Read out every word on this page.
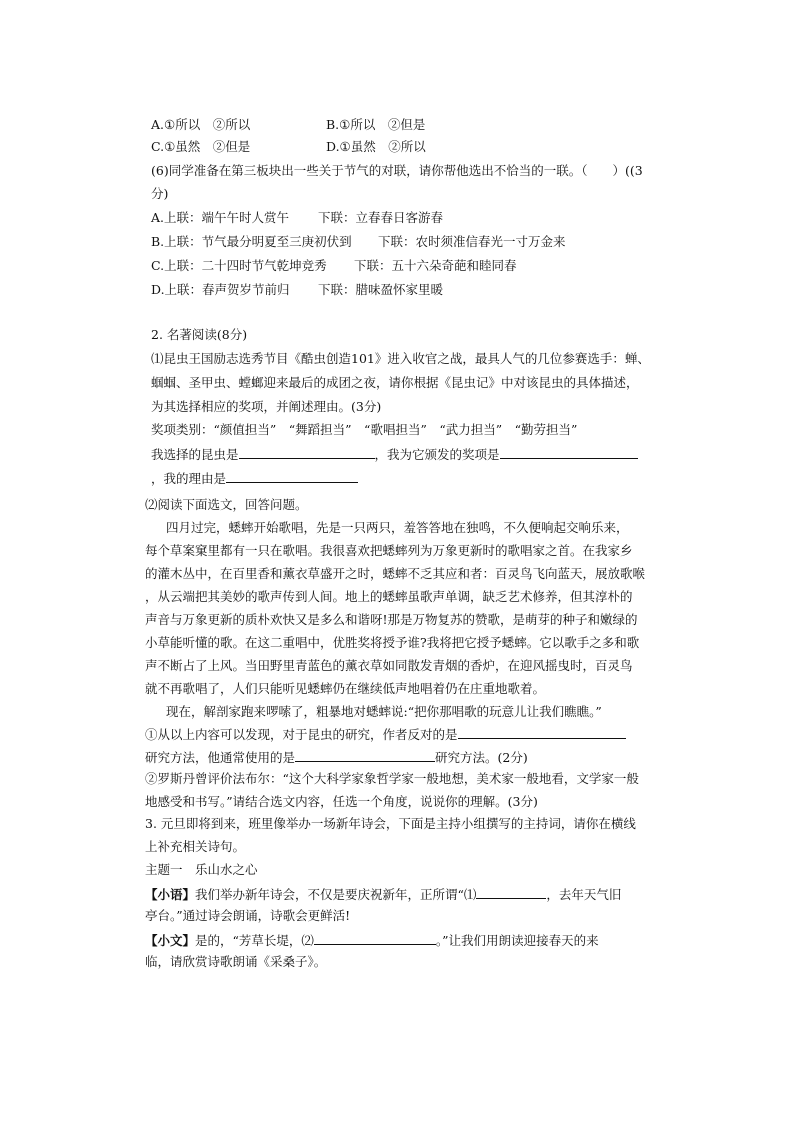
A.①所以　②所以	B.①所以　②但是
C.①虽然　②但是	D.①虽然　②所以
(6)同学准备在第三板块出一些关于节气的对联，请你帮他选出不恰当的一联。（　　）((3
分)
A.上联：端午午时人赏午 下联：立春春日客游春
B.上联：节气最分明夏至三庚初伏到 下联：农时须准信春光一寸万金来
C.上联：二十四时节气乾坤竞秀 下联：五十六朵奇葩和睦同春
D.上联：春声贺岁节前归 下联：腊味盈怀家里暖
2. 名著阅读(8分)
⑴昆虫王国励志选秀节目《酷虫创造101》进入收官之战，最具人气的几位参赛选手：蝉、
蝈蝈、圣甲虫、螳螂迎来最后的成团之夜，请你根据《昆虫记》中对该昆虫的具体描述，
为其选择相应的奖项，并阐述理由。(3分)
奖项类别：“颜值担当”　“舞蹈担当”　“歌唱担当”　“武力担当”　“勤劳担当”
我选择的昆虫是	，我为它颁发的奖项是
，我的理由是
⑵阅读下面选文，回答问题。
四月过完，蟋蟀开始歌唱，先是一只两只，羞答答地在独鸣，不久便响起交响乐来，
每个草案窠里都有一只在歌唱。我很喜欢把蟋蟀列为万象更新时的歌唱家之首。在我家乡
的灌木丛中，在百里香和薰衣草盛开之时，蟋蟀不乏其应和者：百灵鸟飞向蓝天，展放歌喉
，从云端把其美妙的歌声传到人间。地上的蟋蟀虽歌声单调，缺乏艺术修养，但其淳朴的
声音与万象更新的质朴欢快又是多么和谐呀!那是万物复苏的赞歌，是萌芽的种子和嫩绿的
小草能听懂的歌。在这二重唱中，优胜奖将授予谁?我将把它授予蟋蟀。它以歌手之多和歌
声不断占了上风。当田野里青蓝色的薰衣草如同散发青烟的香炉，在迎风摇曳时，百灵鸟
就不再歌唱了，人们只能听见蟋蟀仍在继续低声地唱着仍在庄重地歌着。
现在，解剖家跑来啰嗦了，粗暴地对蟋蟀说:“把你那唱歌的玩意儿让我们瞧瞧。”
①从以上内容可以发现，对于昆虫的研究，作者反对的是
研究方法，他通常使用的是	研究方法。(2分)
②罗斯丹曾评价法布尔：“这个大科学家象哲学家一般地想，美术家一般地看，文学家一般
地感受和书写。”请结合选文内容，任选一个角度，说说你的理解。(3分)
3. 元旦即将到来，班里像举办一场新年诗会，下面是主持小组撰写的主持词，请你在横线
上补充相关诗句。
主题一　乐山水之心
【小语】我们举办新年诗会，不仅是要庆祝新年，正所谓“⑴	，去年天气旧
亭台。”通过诗会朗诵，诗歌会更鲜活!
【小文】是的，“芳草长堤，⑵	。”让我们用朗读迎接春天的来
临，请欣赏诗歌朗诵《采桑子》。
